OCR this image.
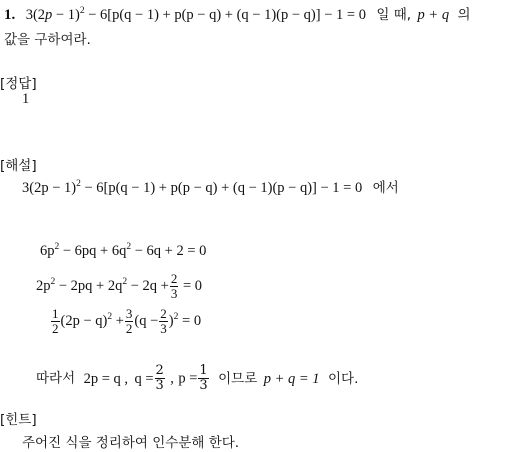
1. $3(2p - 1)^2 - 6[p(q - 1) + p(p - q) + (q - 1)(p - q)] - 1 = 0$ 일 때, p + q 의
값을 구하여라.
[정답]
1
[해설]
$3(2p - 1)^2 - 6[p(q - 1) + p(p - q) + (q - 1)(p - q)] - 1 = 0$ 에서
$6p^2 - 6pq + 6q^2 - 6q + 2 = 0$
$2p^2 - 2pq + 2q^2 - 2q + \frac{2}{3} = 0$
$\frac{1}{2} (2p - q)^2 + \frac{3}{2} (q - \frac{2}{3} )^2 = 0$
따라서 2p = q , $q = \frac{2}{3}$ , $p = \frac{1}{3}$ 이므로 p + q = 1 이다.
[힌트]
주어진 식을 정리하여 인수분해 한다.
